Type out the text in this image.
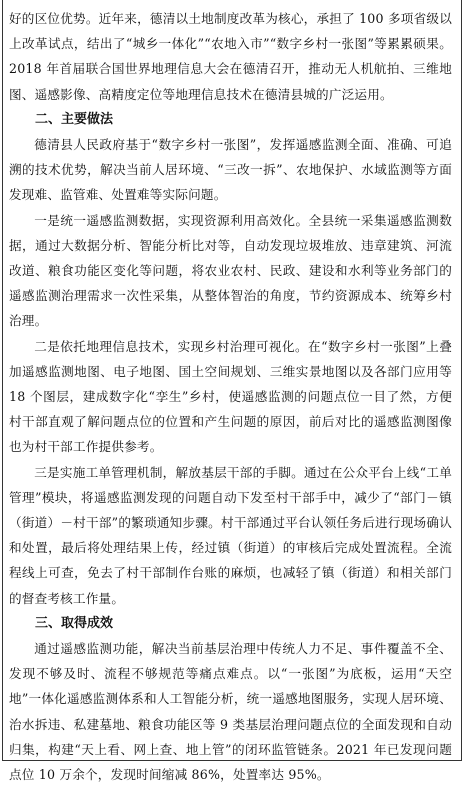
好的区位优势。近年来，德清以土地制度改革为核心，承担了 100 多项省级以上改革试点，结出了“城乡一体化”“农地入市”“数字乡村一张图”等累累硕果。2018 年首届联合国世界地理信息大会在德清召开，推动无人机航拍、三维地图、遥感影像、高精度定位等地理信息技术在德清县城的广泛运用。

二、主要做法

德清县人民政府基于“数字乡村一张图”，发挥遥感监测全面、准确、可追溯的技术优势，解决当前人居环境、“三改一拆”、农地保护、水域监测等方面发现难、监管难、处置难等实际问题。

一是统一遥感监测数据，实现资源利用高效化。全县统一采集遥感监测数据，通过大数据分析、智能分析比对等，自动发现垃圾堆放、违章建筑、河流改道、粮食功能区变化等问题，将农业农村、民政、建设和水利等业务部门的遥感监测治理需求一次性采集，从整体智治的角度，节约资源成本、统筹乡村治理。

二是依托地理信息技术，实现乡村治理可视化。在“数字乡村一张图”上叠加遥感监测地图、电子地图、国土空间规划、三维实景地图以及各部门应用等 18 个图层，建成数字化“孪生”乡村，使遥感监测的问题点位一目了然，方便村干部直观了解问题点位的位置和产生问题的原因，前后对比的遥感监测图像也为村干部工作提供参考。

三是实施工单管理机制，解放基层干部的手脚。通过在公众平台上线“工单管理”模块，将遥感监测发现的问题自动下发至村干部手中，减少了“部门－镇（街道）－村干部”的繁琐通知步骤。村干部通过平台认领任务后进行现场确认和处置，最后将处理结果上传，经过镇（街道）的审核后完成处置流程。全流程线上可查，免去了村干部制作台账的麻烦，也减轻了镇（街道）和相关部门的督查考核工作量。

三、取得成效

通过遥感监测功能，解决当前基层治理中传统人力不足、事件覆盖不全、发现不够及时、流程不够规范等痛点难点。以“一张图”为底板，运用“天空地”一体化遥感监测体系和人工智能分析，统一遥感地图服务，实现人居环境、治水拆违、私建墓地、粮食功能区等 9 类基层治理问题点位的全面发现和自动归集，构建“天上看、网上查、地上管”的闭环监管链条。2021 年已发现问题点位 10 万余个，发现时间缩减 86%，处置率达 95%。
